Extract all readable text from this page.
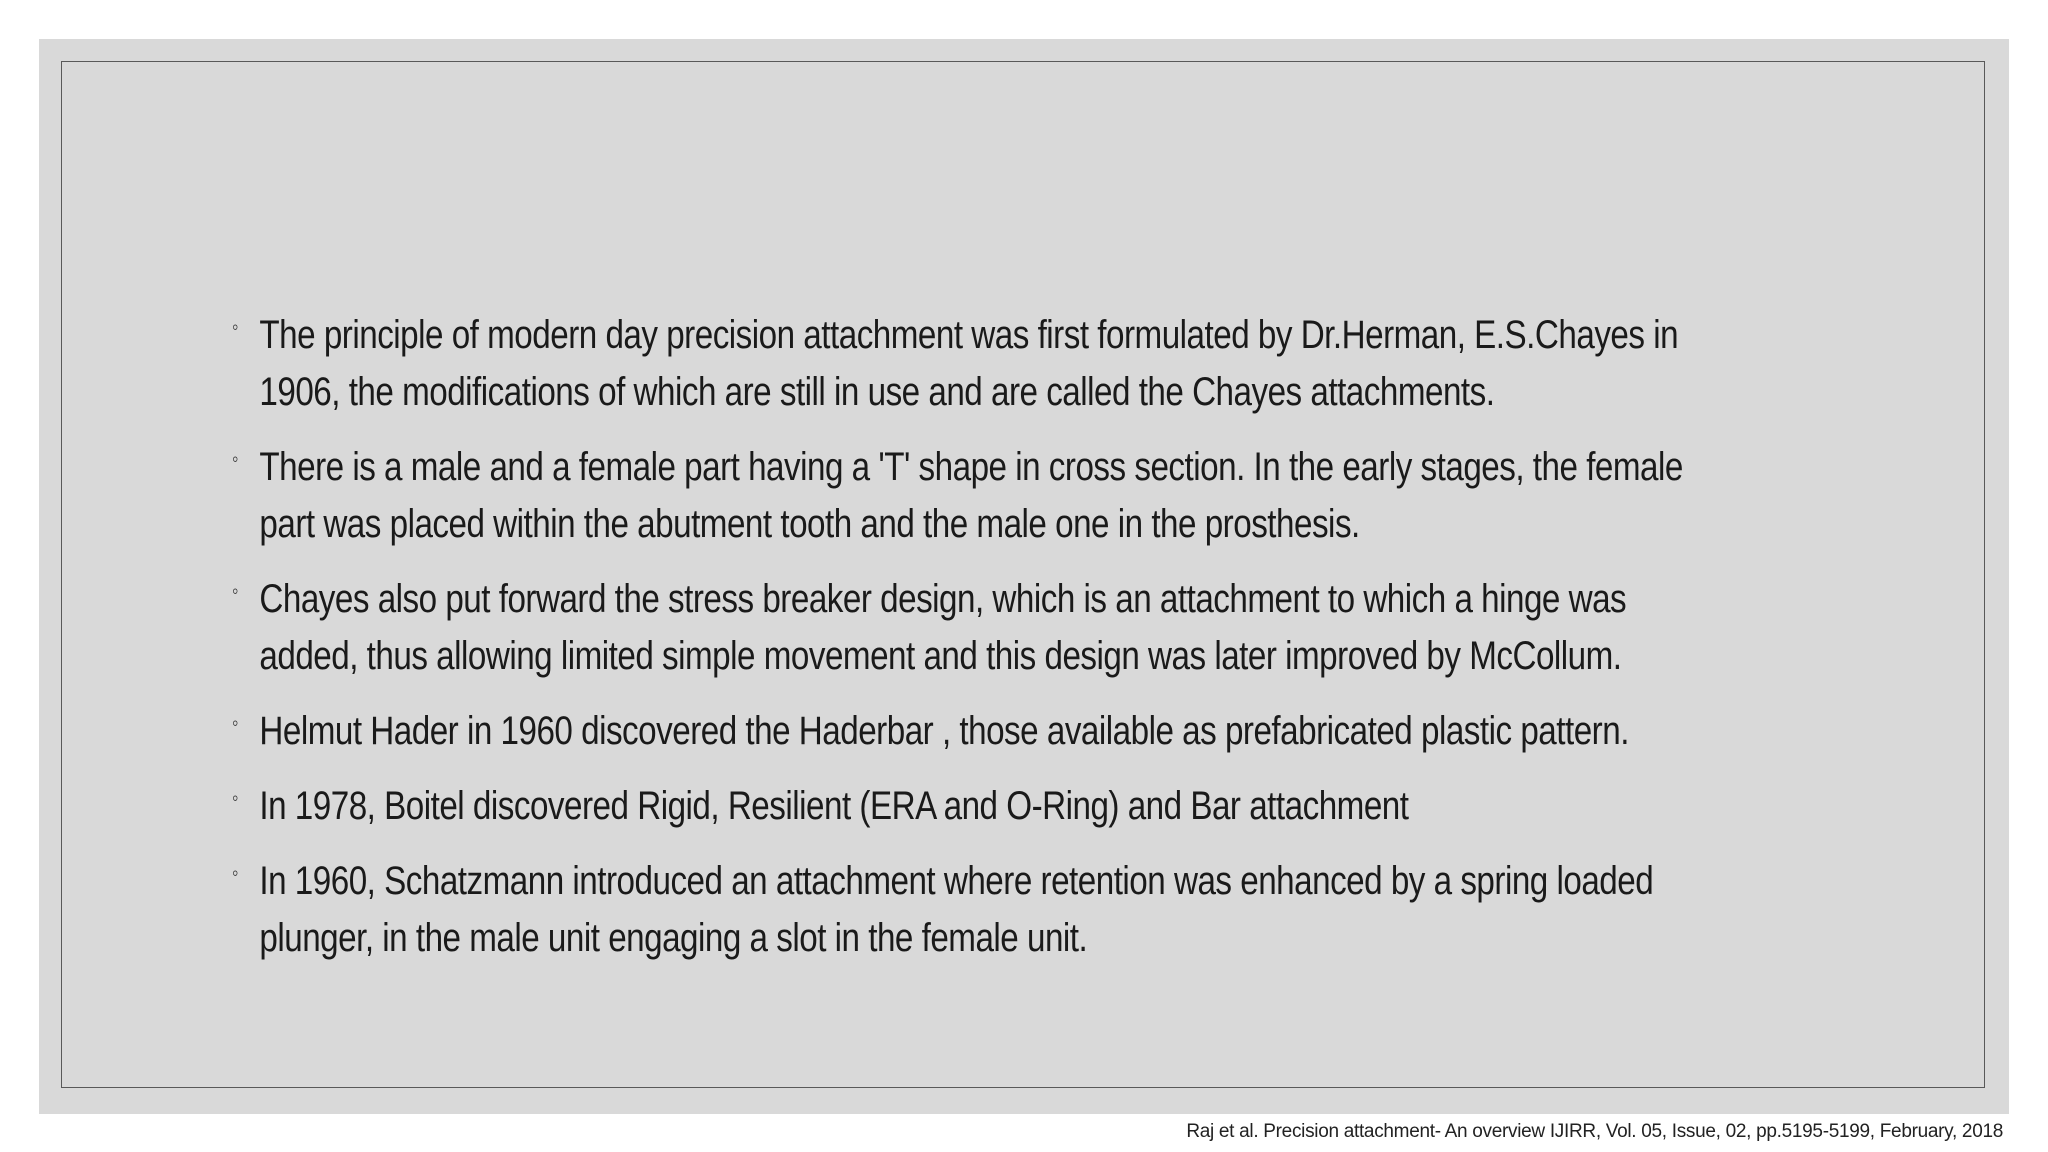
◦ The principle of modern day precision attachment was first formulated by Dr.Herman, E.S.Chayes in 1906, the modifications of which are still in use and are called the Chayes attachments.
◦ There is a male and a female part having a 'T' shape in cross section. In the early stages, the female part was placed within the abutment tooth and the male one in the prosthesis.
◦ Chayes also put forward the stress breaker design, which is an attachment to which a hinge was added, thus allowing limited simple movement and this design was later improved by McCollum.
◦ Helmut Hader in 1960 discovered the Haderbar , those available as prefabricated plastic pattern.
◦ In 1978, Boitel discovered Rigid, Resilient (ERA and O-Ring) and Bar attachment
◦ In 1960, Schatzmann introduced an attachment where retention was enhanced by a spring loaded plunger, in the male unit engaging a slot in the female unit.
Raj et al. Precision attachment- An overview IJIRR, Vol. 05, Issue, 02, pp.5195-5199, February, 2018
